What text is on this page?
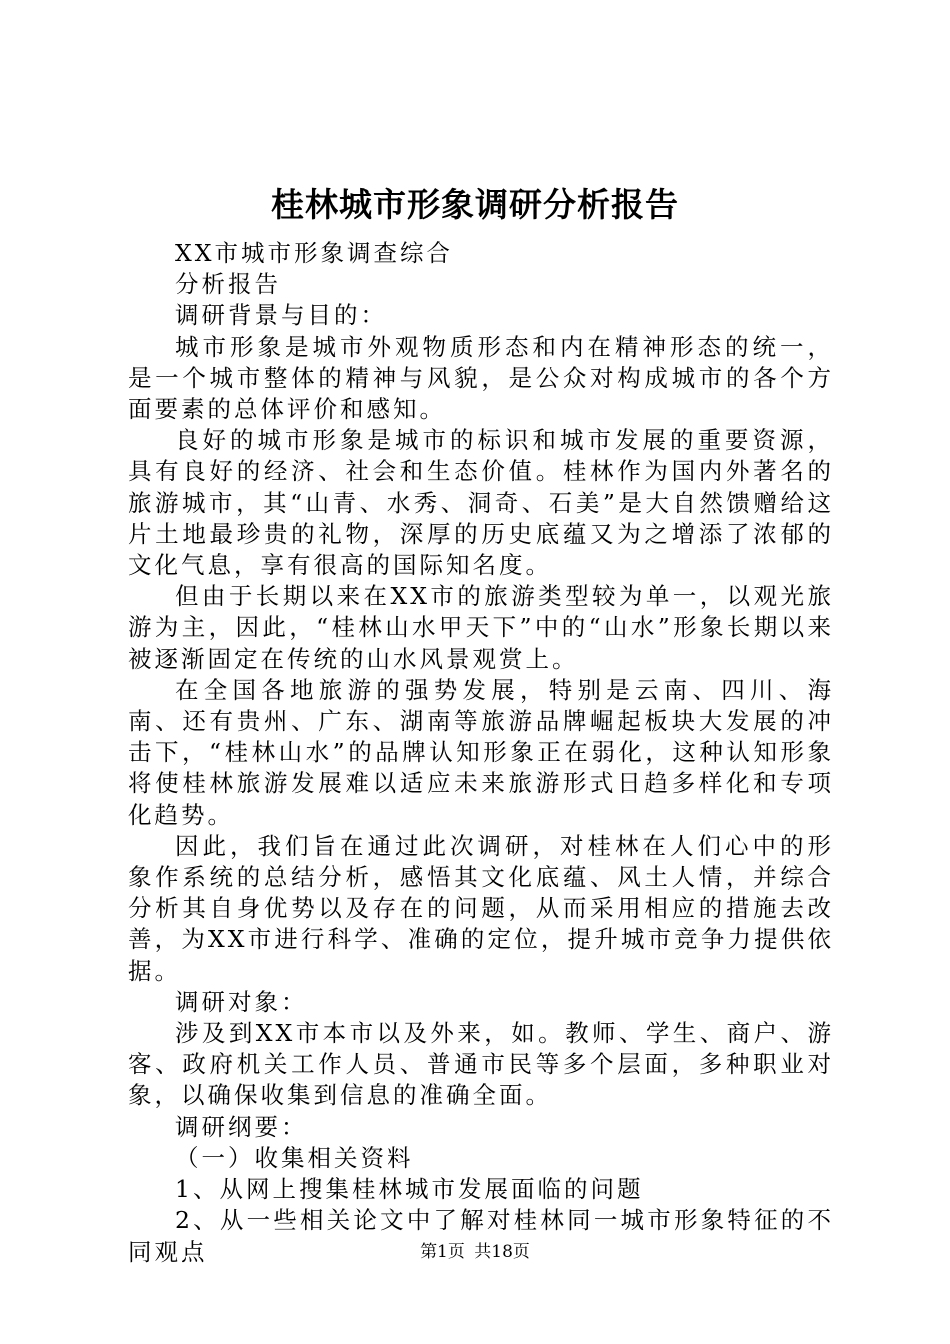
桂林城市形象调研分析报告

XX市城市形象调查综合

分析报告

调研背景与目的：

城市形象是城市外观物质形态和内在精神形态的统一，是一个城市整体的精神与风貌，是公众对构成城市的各个方面要素的总体评价和感知。

良好的城市形象是城市的标识和城市发展的重要资源，具有良好的经济、社会和生态价值。桂林作为国内外著名的旅游城市，其“山青、水秀、洞奇、石美”是大自然馈赠给这片土地最珍贵的礼物，深厚的历史底蕴又为之增添了浓郁的文化气息，享有很高的国际知名度。

但由于长期以来在XX市的旅游类型较为单一，以观光旅游为主，因此，“桂林山水甲天下”中的“山水”形象长期以来被逐渐固定在传统的山水风景观赏上。

在全国各地旅游的强势发展，特别是云南、四川、海南、还有贵州、广东、湖南等旅游品牌崛起板块大发展的冲击下，“桂林山水”的品牌认知形象正在弱化，这种认知形象将使桂林旅游发展难以适应未来旅游形式日趋多样化和专项化趋势。

因此，我们旨在通过此次调研，对桂林在人们心中的形象作系统的总结分析，感悟其文化底蕴、风土人情，并综合分析其自身优势以及存在的问题，从而采用相应的措施去改善，为XX市进行科学、准确的定位，提升城市竞争力提供依据。

调研对象：

涉及到XX市本市以及外来，如。教师、学生、商户、游客、政府机关工作人员、普通市民等多个层面，多种职业对象，以确保收集到信息的准确全面。

调研纲要：

（一）收集相关资料

1、从网上搜集桂林城市发展面临的问题

2、从一些相关论文中了解对桂林同一城市形象特征的不同观点	第1页 共18页
